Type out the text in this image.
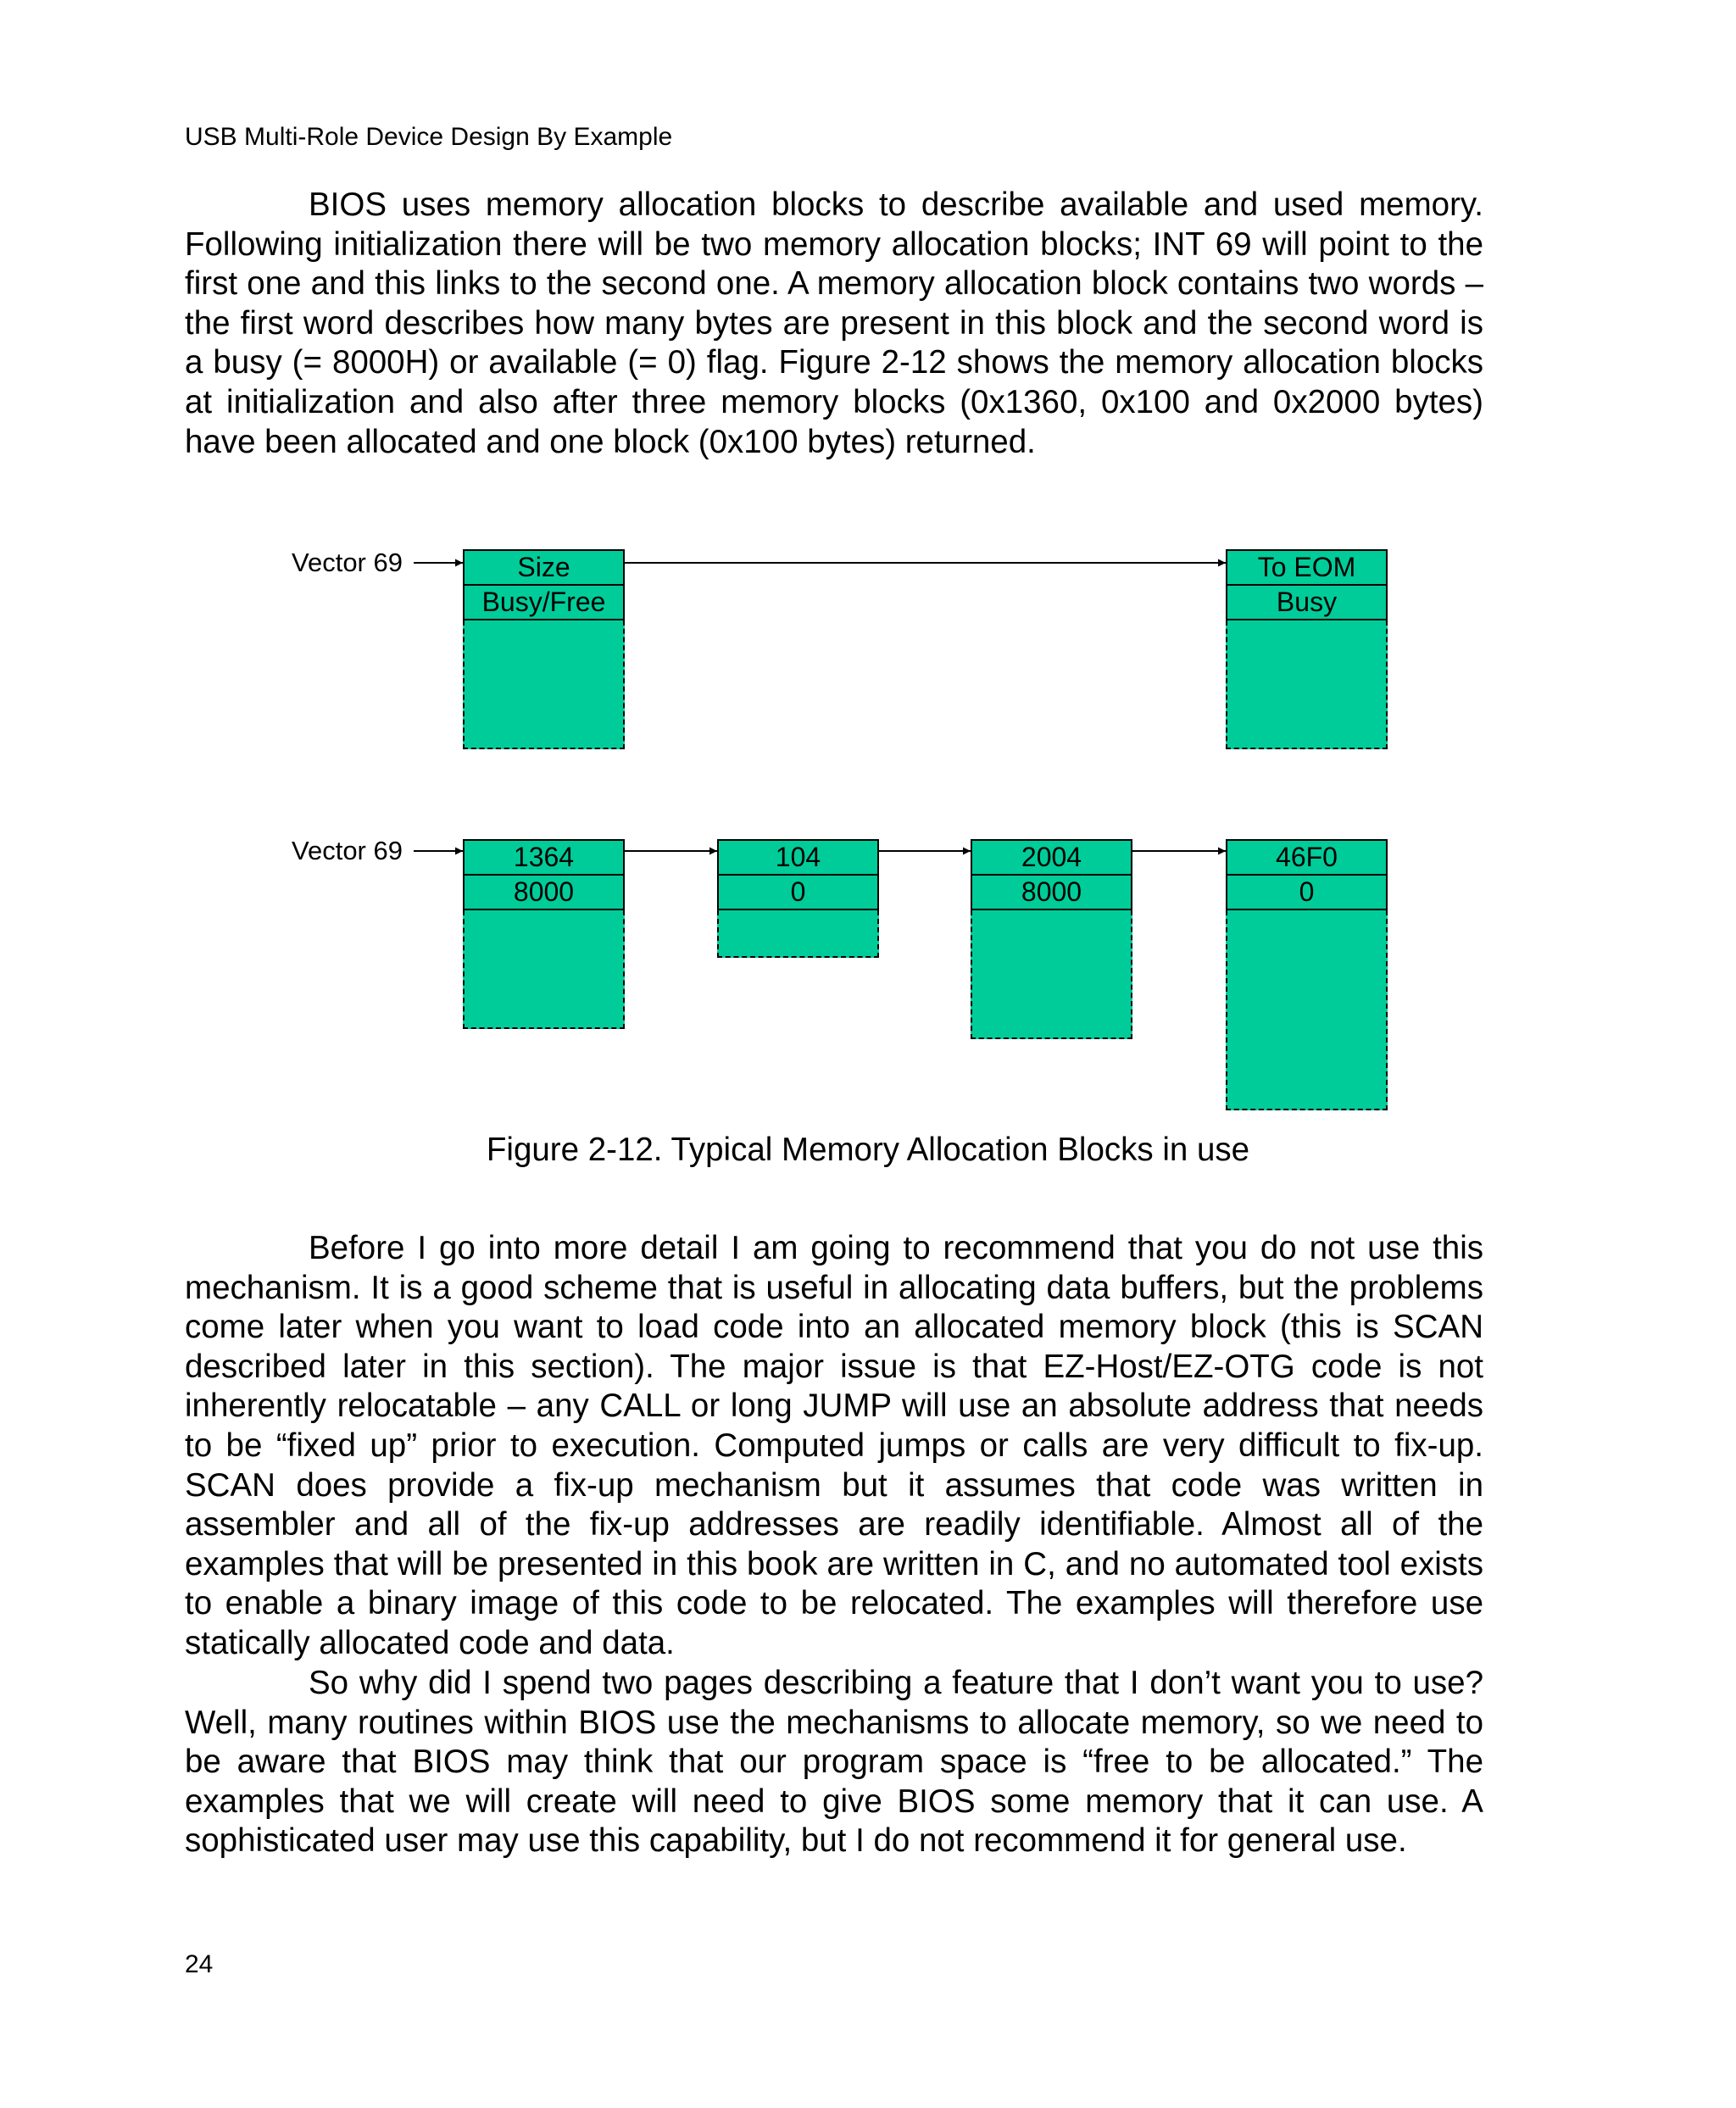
USB Multi-Role Device Design By Example

BIOS uses memory allocation blocks to describe available and used memory. Following initialization there will be two memory allocation blocks; INT 69 will point to the first one and this links to the second one. A memory allocation block contains two words – the first word describes how many bytes are present in this block and the second word is a busy (= 8000H) or available (= 0) flag. Figure 2-12 shows the memory allocation blocks at initialization and also after three memory blocks (0x1360, 0x100 and 0x2000 bytes) have been allocated and one block (0x100 bytes) returned.

Vector 69	Size
Busy/Free
To EOM
Busy
Vector 69	1364
8000
104
0
2004
8000
46F0
0
Figure 2-12. Typical Memory Allocation Blocks in use

Before I go into more detail I am going to recommend that you do not use this mechanism. It is a good scheme that is useful in allocating data buffers, but the problems come later when you want to load code into an allocated memory block (this is SCAN described later in this section). The major issue is that EZ-Host/EZ-OTG code is not inherently relocatable – any CALL or long JUMP will use an absolute address that needs to be “fixed up” prior to execution. Computed jumps or calls are very difficult to fix-up. SCAN does provide a fix-up mechanism but it assumes that code was written in assembler and all of the fix-up addresses are readily identifiable. Almost all of the examples that will be presented in this book are written in C, and no automated tool exists to enable a binary image of this code to be relocated. The examples will therefore use statically allocated code and data.

So why did I spend two pages describing a feature that I don’t want you to use? Well, many routines within BIOS use the mechanisms to allocate memory, so we need to be aware that BIOS may think that our program space is “free to be allocated.” The examples that we will create will need to give BIOS some memory that it can use. A sophisticated user may use this capability, but I do not recommend it for general use.

24
